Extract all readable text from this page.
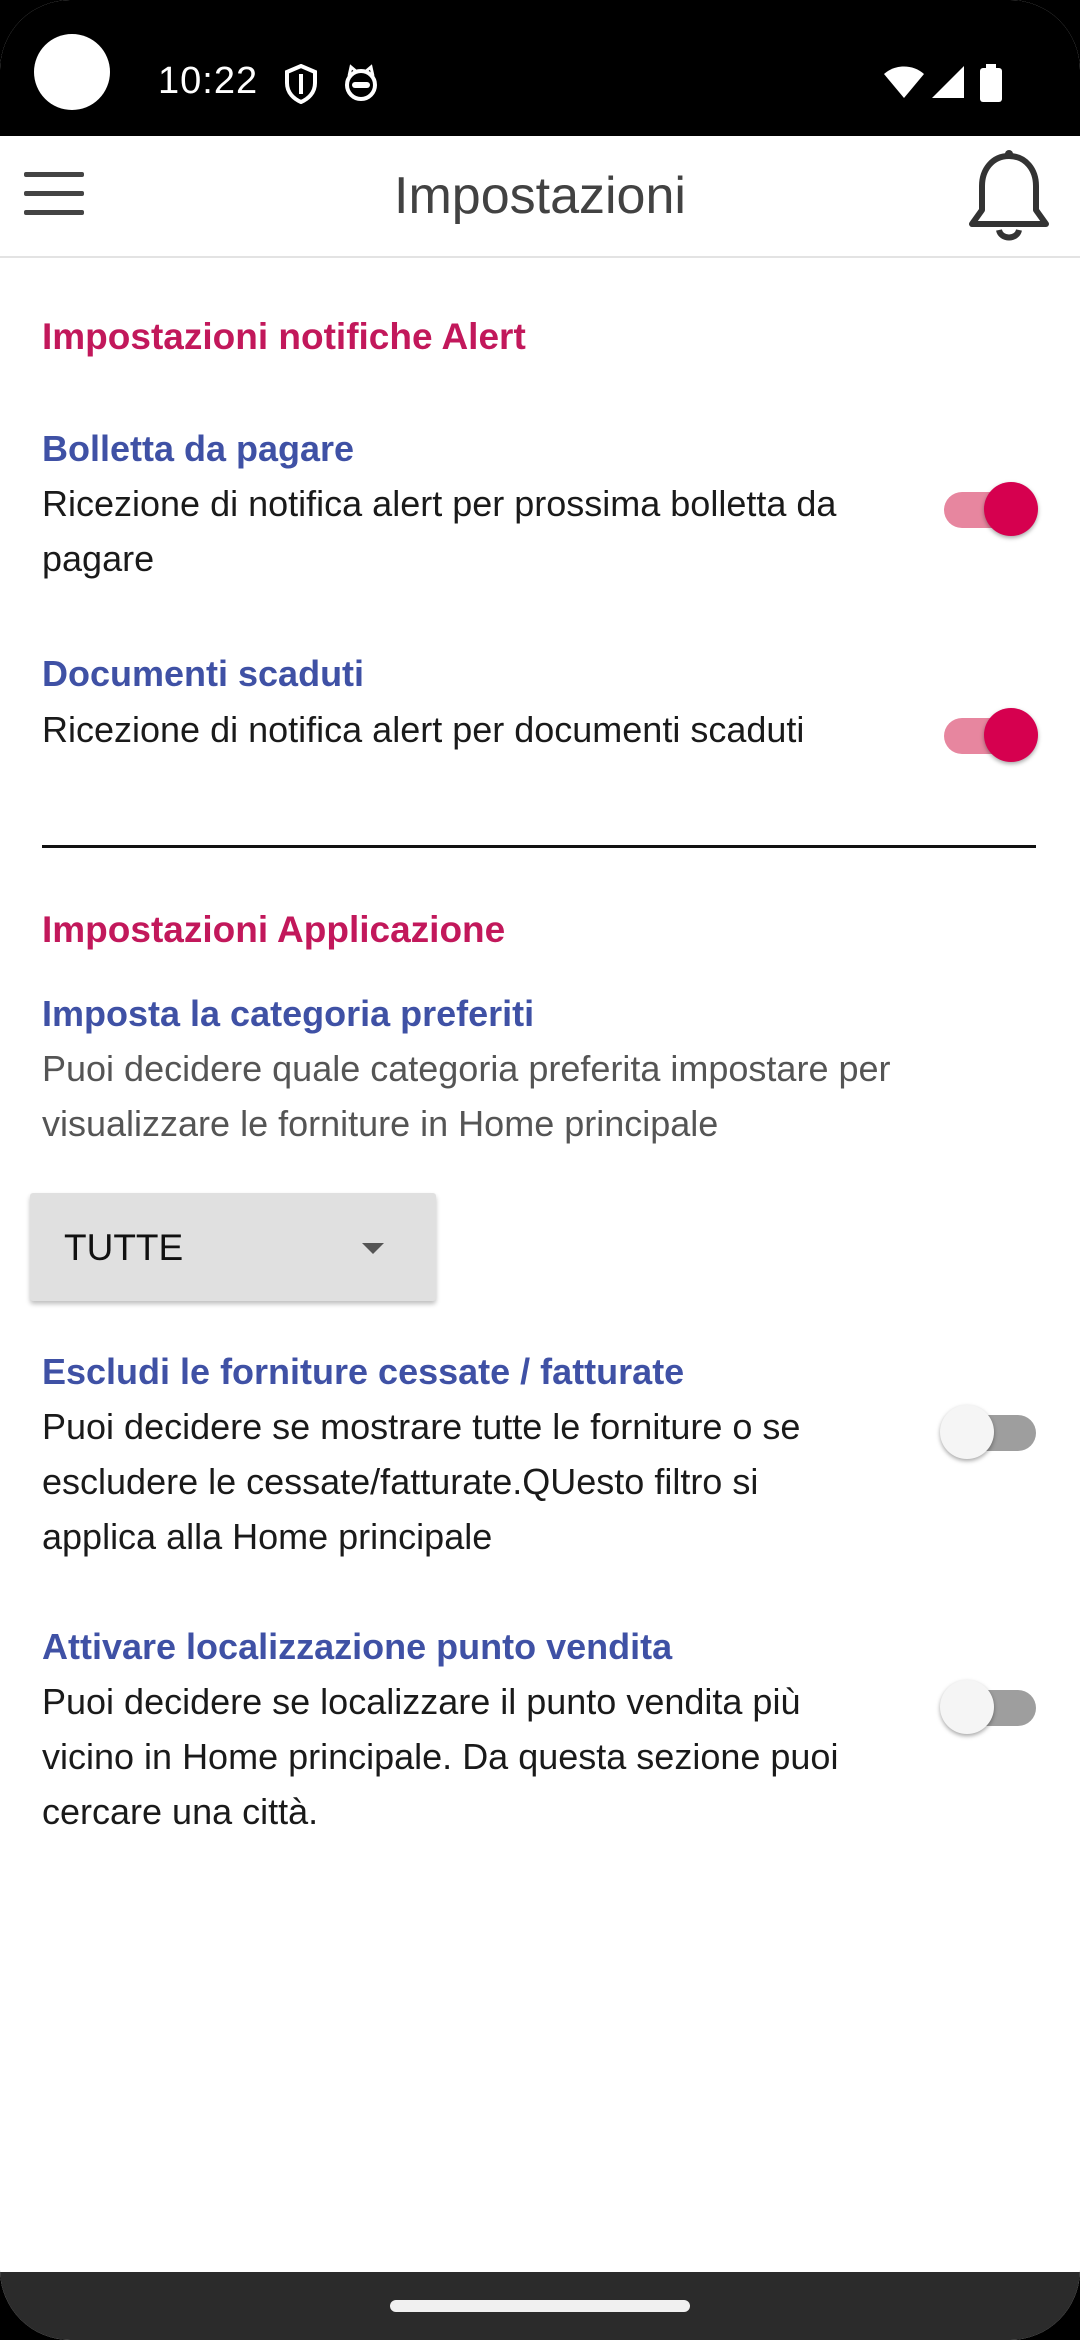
10:22
Impostazioni
Impostazioni notifiche Alert
Bolletta da pagare
Ricezione di notifica alert per prossima bolletta da
pagare
Documenti scaduti
Ricezione di notifica alert per documenti scaduti
Impostazioni Applicazione
Imposta la categoria preferiti
Puoi decidere quale categoria preferita impostare per
visualizzare le forniture in Home principale
TUTTE
Escludi le forniture cessate / fatturate
Puoi decidere se mostrare tutte le forniture o se
escludere le cessate/fatturate.QUesto filtro si
applica alla Home principale
Attivare localizzazione punto vendita
Puoi decidere se localizzare il punto vendita più
vicino in Home principale. Da questa sezione puoi
cercare una città.
